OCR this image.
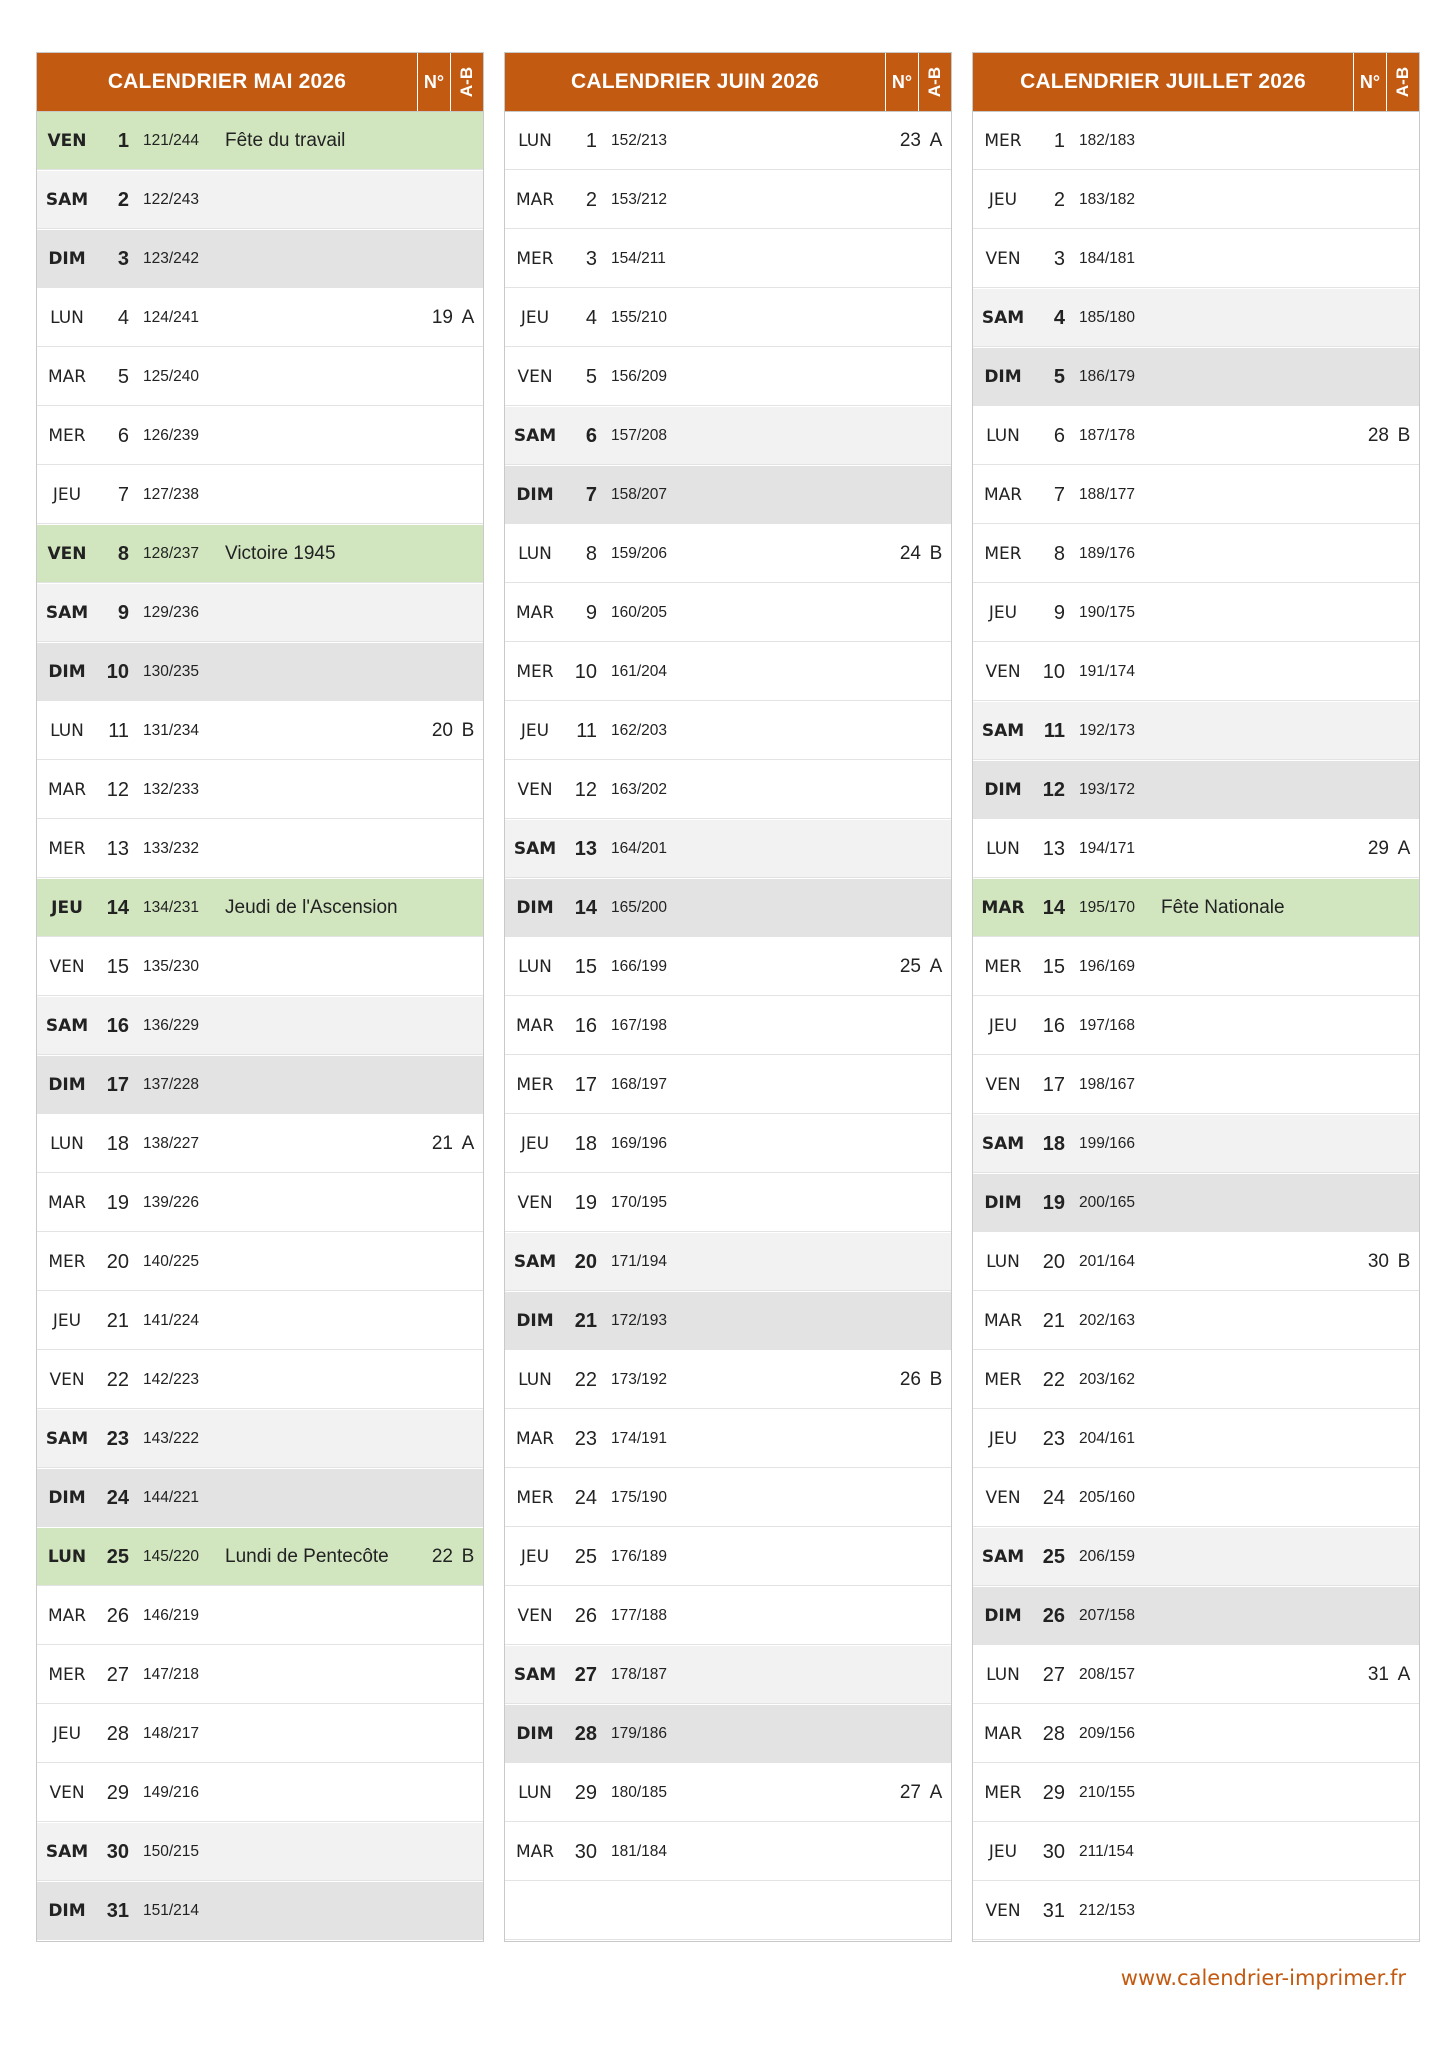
CALENDRIER MAI 2026	N° A-B
VEN	1 121/244	Fête du travail
SAM	2 122/243
DIM	3 123/242
LUN	4 124/241	19 A
MAR	5 125/240
MER	6 126/239
JEU	7 127/238
VEN	8 128/237	Victoire 1945
SAM	9 129/236
DIM	10 130/235
LUN	11 131/234	20 B
MAR	12 132/233
MER	13 133/232
JEU	14 134/231	Jeudi de l'Ascension
VEN	15 135/230
SAM 16 136/229
DIM	17 137/228
LUN	18 138/227	21 A
MAR	19 139/226
MER	20 140/225
JEU	21 141/224
VEN	22 142/223
SAM 23 143/222
DIM	24 144/221
LUN	25 145/220	Lundi de Pentecôte	22 B
MAR	26 146/219
MER	27 147/218
JEU	28 148/217
VEN	29 149/216
SAM 30 150/215
DIM	31 151/214
CALENDRIER JUIN 2026	N° A-B
LUN	1 152/213	23 A
MAR	2 153/212
MER	3 154/211
JEU	4 155/210
VEN	5 156/209
SAM	6 157/208
DIM	7 158/207
LUN	8 159/206	24 B
MAR	9 160/205
MER	10 161/204
JEU	11 162/203
VEN	12 163/202
SAM 13 164/201
DIM	14 165/200
LUN	15 166/199	25 A
MAR	16 167/198
MER	17 168/197
JEU	18 169/196
VEN	19 170/195
SAM 20 171/194
DIM	21 172/193
LUN	22 173/192	26 B
MAR	23 174/191
MER	24 175/190
JEU	25 176/189
VEN	26 177/188
SAM 27 178/187
DIM	28 179/186
LUN	29 180/185	27 A
MAR	30 181/184
CALENDRIER JUILLET 2026	N° A-B
MER	1 182/183
JEU	2 183/182
VEN	3 184/181
SAM	4 185/180
DIM	5 186/179
LUN	6 187/178	28 B
MAR	7 188/177
MER	8 189/176
JEU	9 190/175
VEN	10 191/174
SAM 11 192/173
DIM	12 193/172
LUN	13 194/171	29 A
MAR 14 195/170	Fête Nationale
MER	15 196/169
JEU	16 197/168
VEN	17 198/167
SAM 18 199/166
DIM	19 200/165
LUN	20 201/164	30 B
MAR	21 202/163
MER	22 203/162
JEU	23 204/161
VEN	24 205/160
SAM 25 206/159
DIM	26 207/158
LUN	27 208/157	31 A
MAR	28 209/156
MER	29 210/155
JEU	30 211/154
VEN	31 212/153
www.calendrier-imprimer.fr
